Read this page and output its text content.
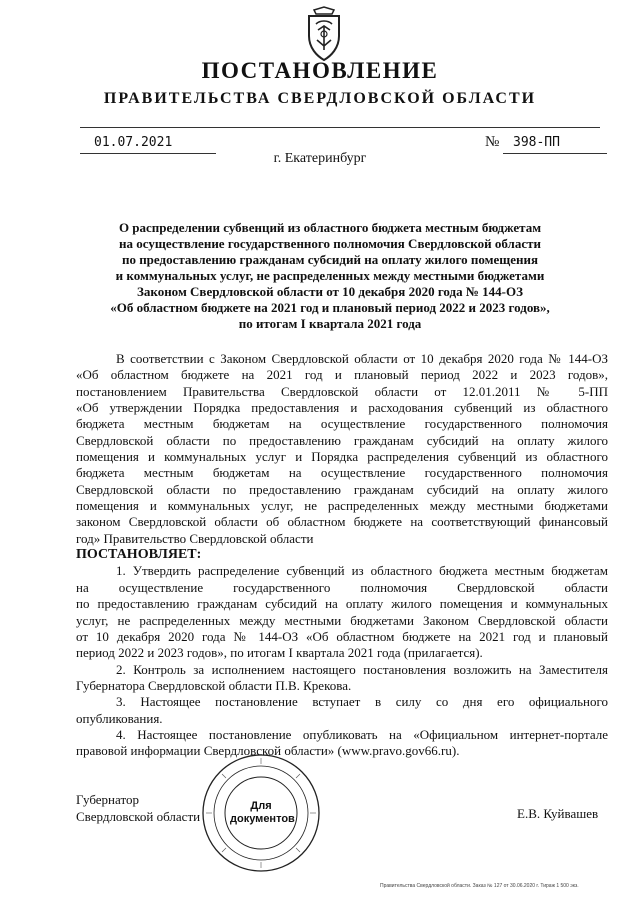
ПОСТАНОВЛЕНИЕ
ПРАВИТЕЛЬСТВА СВЕРДЛОВСКОЙ ОБЛАСТИ
01.07.2021	№	398-ПП
г. Екатеринбург
О распределении субвенций из областного бюджета местным бюджетам
на осуществление государственного полномочия Свердловской области
по предоставлению гражданам субсидий на оплату жилого помещения
и коммунальных услуг, не распределенных между местными бюджетами
Законом Свердловской области от 10 декабря 2020 года № 144-ОЗ
«Об областном бюджете на 2021 год и плановый период 2022 и 2023 годов»,
по итогам I квартала 2021 года
В соответствии с Законом Свердловской области от 10 декабря 2020 года № 144-ОЗ
«Об областном бюджете на 2021 год и плановый период 2022 и 2023 годов»,
постановлением Правительства Свердловской области от 12.01.2011 № 5-ПП
«Об утверждении Порядка предоставления и расходования субвенций из областного
бюджета местным бюджетам на осуществление государственного полномочия
Свердловской области по предоставлению гражданам субсидий на оплату жилого
помещения и коммунальных услуг и Порядка распределения субвенций из областного
бюджета местным бюджетам на осуществление государственного полномочия
Свердловской области по предоставлению гражданам субсидий на оплату жилого
помещения и коммунальных услуг, не распределенных между местными бюджетами
законом Свердловской области об областном бюджете на соответствующий финансовый
год» Правительство Свердловской области
ПОСТАНОВЛЯЕТ:
1. Утвердить распределение субвенций из областного бюджета местным бюджетам
на осуществление государственного полномочия Свердловской области
по предоставлению гражданам субсидий на оплату жилого помещения и коммунальных
услуг, не распределенных между местными бюджетами Законом Свердловской области
от 10 декабря 2020 года № 144-ОЗ «Об областном бюджете на 2021 год и плановый
период 2022 и 2023 годов», по итогам I квартала 2021 года (прилагается).
2. Контроль за исполнением настоящего постановления возложить на Заместителя
Губернатора Свердловской области П.В. Крекова.
3. Настоящее постановление вступает в силу со дня его официального
опубликования.
4. Настоящее постановление опубликовать на «Официальном интернет-портале
правовой информации Свердловской области» (www.pravo.gov66.ru).
Губернатор
Свердловской области
Для
документов	Е.В. Куйвашев
Правительства Свердловской области. Заказ № 127 от 30.06.2020 г. Тираж 1 500 экз.
